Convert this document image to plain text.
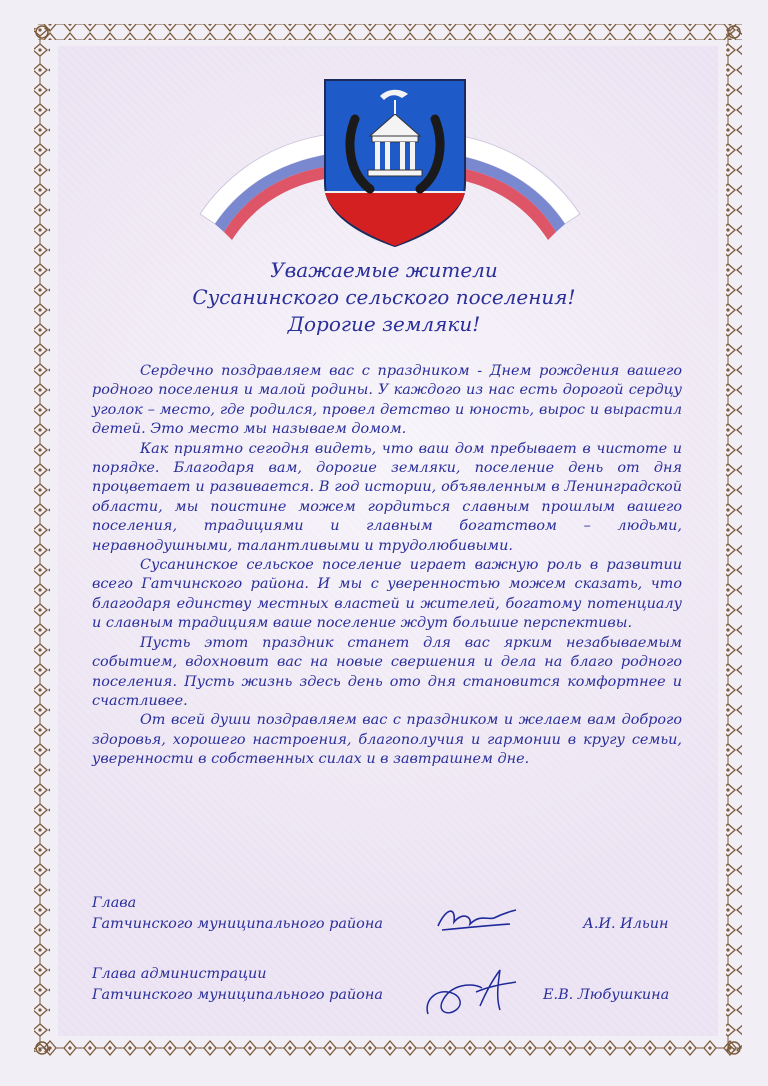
Уважаемые жители
Сусанинского сельского поселения!
Дорогие земляки!

Сердечно поздравляем вас с праздником - Днем рождения вашего родного поселения и малой родины. У каждого из нас есть дорогой сердцу уголок – место, где родился, провел детство и юность, вырос и вырастил детей. Это место мы называем домом.

Как приятно сегодня видеть, что ваш дом пребывает в чистоте и порядке. Благодаря вам, дорогие земляки, поселение день от дня процветает и развивается. В год истории, объявленным в Ленинградской области, мы поистине можем гордиться славным прошлым вашего поселения, традициями и главным богатством – людьми, неравнодушными, талантливыми и трудолюбивыми.

Сусанинское сельское поселение играет важную роль в развитии всего Гатчинского района. И мы с уверенностью можем сказать, что благодаря единству местных властей и жителей, богатому потенциалу и славным традициям ваше поселение ждут большие перспективы.

Пусть этот праздник станет для вас ярким незабываемым событием, вдохновит вас на новые свершения и дела на благо родного поселения. Пусть жизнь здесь день ото дня становится комфортнее и счастливее.

От всей души поздравляем вас с праздником и желаем вам доброго здоровья, хорошего настроения, благополучия и гармонии в кругу семьи, уверенности в собственных силах и в завтрашнем дне.

Глава
Гатчинского муниципального района	А.И. Ильин
Глава администрации
Гатчинского муниципального района	Е.В. Любушкина
